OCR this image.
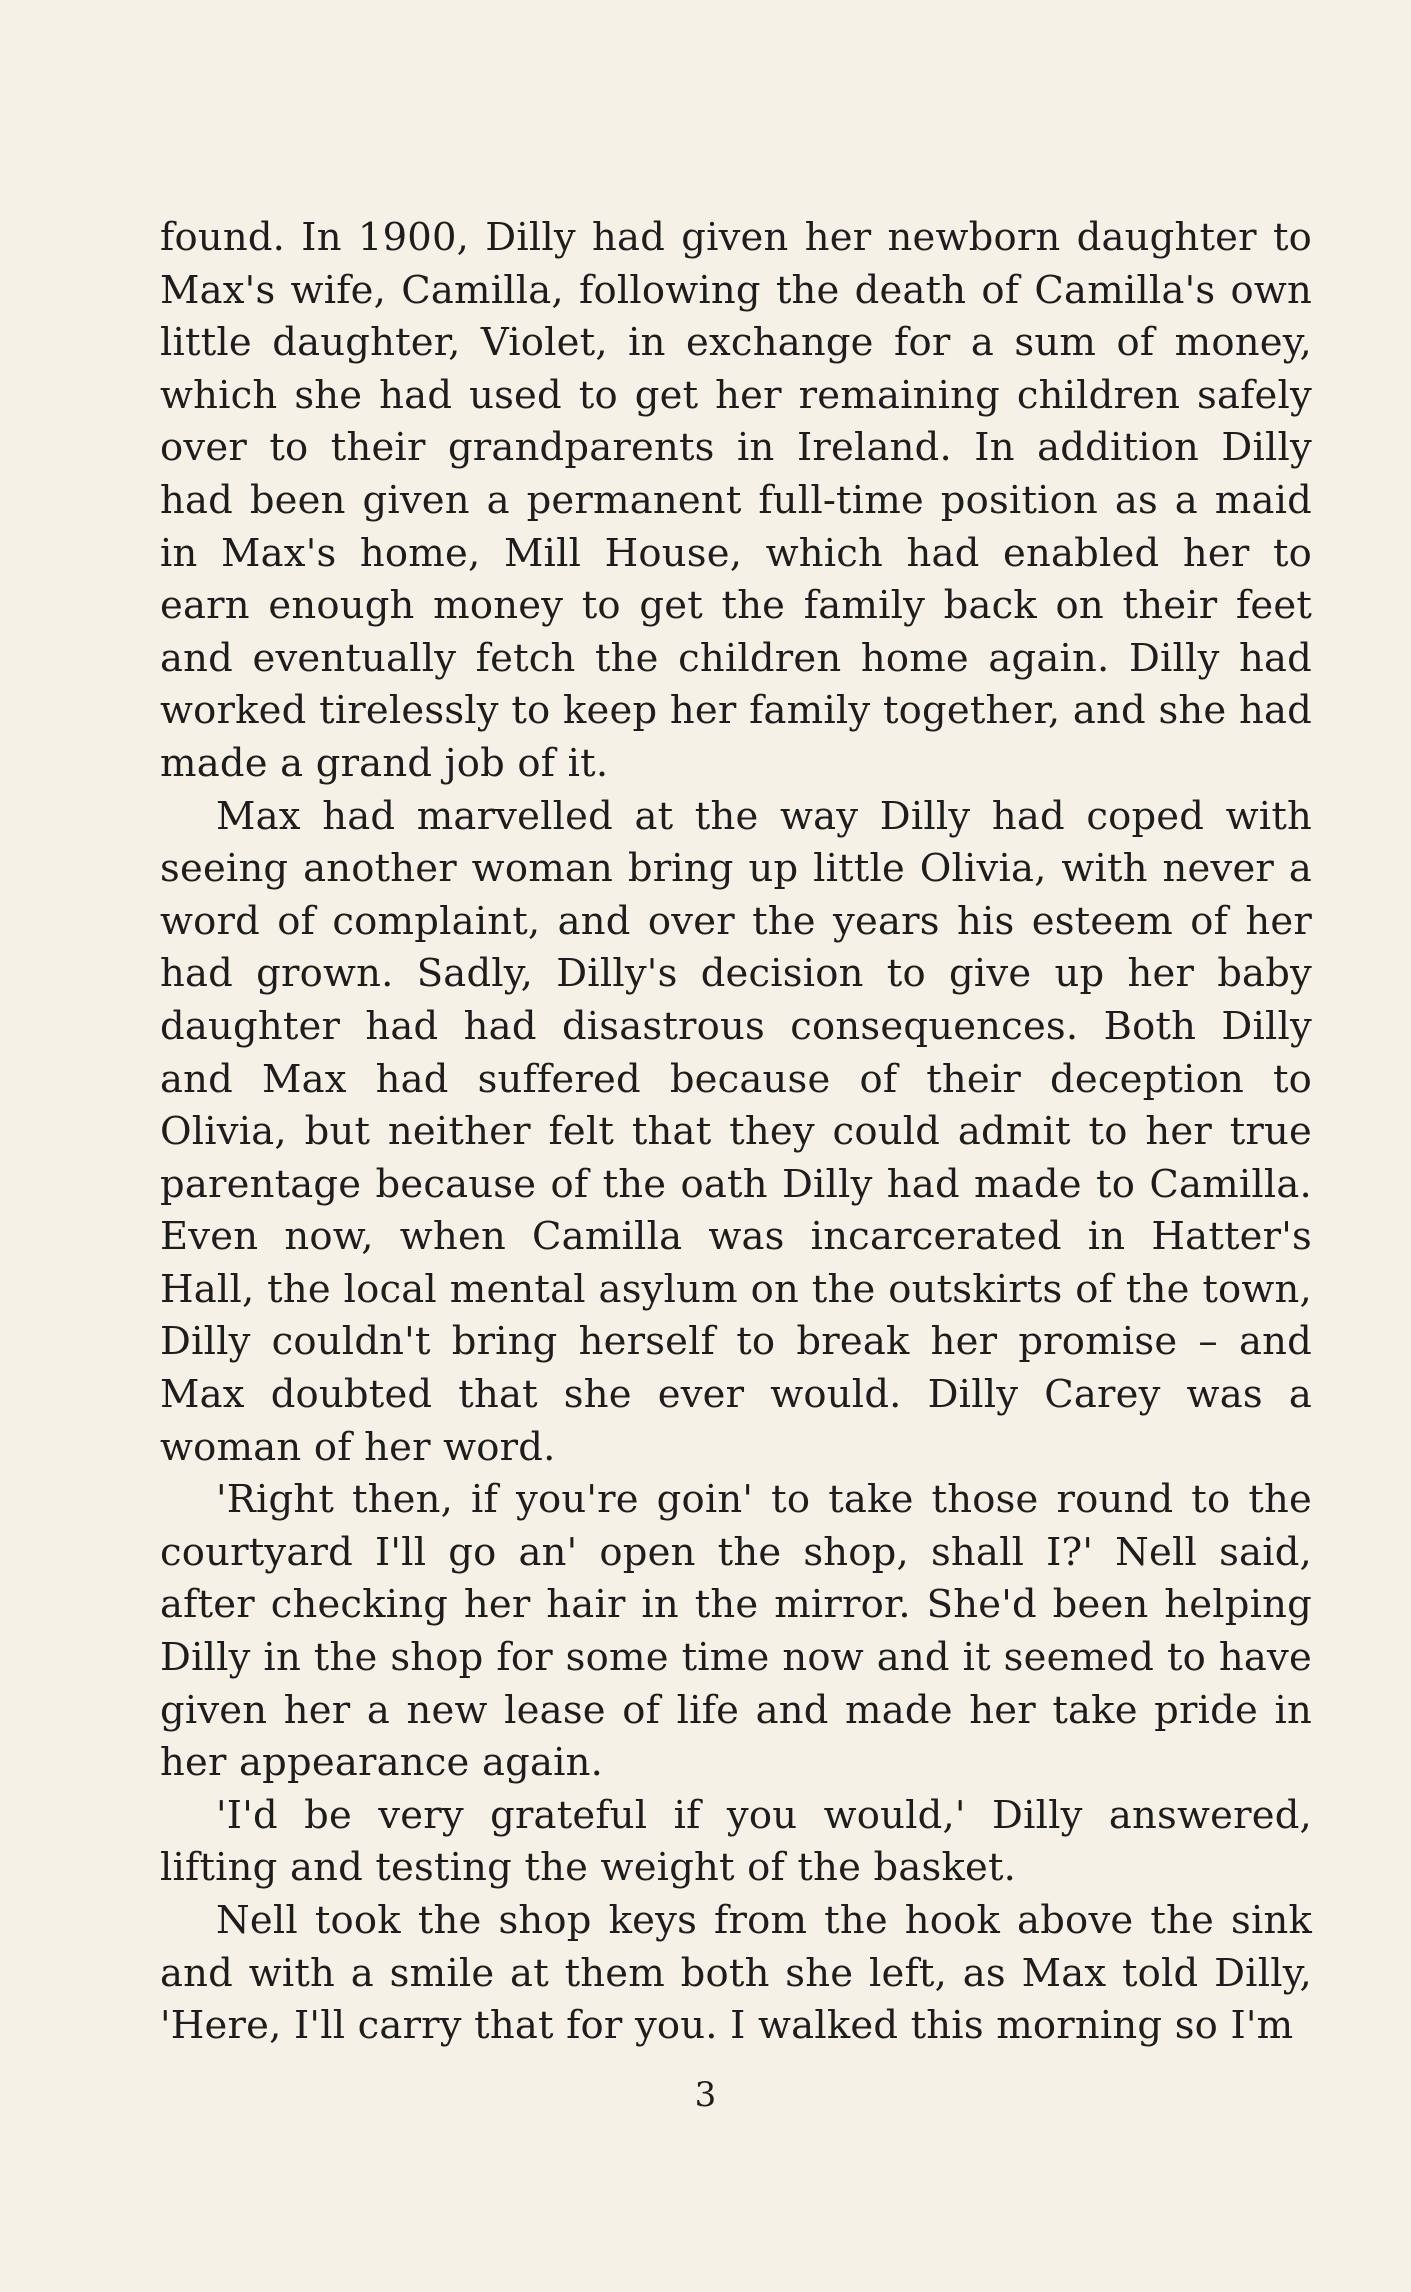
found. In 1900, Dilly had given her newborn daughter to Max's wife, Camilla, following the death of Camilla's own little daughter, Violet, in exchange for a sum of money, which she had used to get her remaining children safely over to their grandparents in Ireland. In addition Dilly had been given a permanent full-time position as a maid in Max's home, Mill House, which had enabled her to earn enough money to get the family back on their feet and eventually fetch the children home again. Dilly had worked tirelessly to keep her family together, and she had made a grand job of it.

Max had marvelled at the way Dilly had coped with seeing another woman bring up little Olivia, with never a word of complaint, and over the years his esteem of her had grown. Sadly, Dilly's decision to give up her baby daughter had had disastrous consequences. Both Dilly and Max had suffered because of their deception to Olivia, but neither felt that they could admit to her true parentage because of the oath Dilly had made to Camilla. Even now, when Camilla was incarcerated in Hatter's Hall, the local mental asylum on the outskirts of the town, Dilly couldn't bring herself to break her promise – and Max doubted that she ever would. Dilly Carey was a woman of her word.

'Right then, if you're goin' to take those round to the courtyard I'll go an' open the shop, shall I?' Nell said, after checking her hair in the mirror. She'd been helping Dilly in the shop for some time now and it seemed to have given her a new lease of life and made her take pride in her appearance again.

'I'd be very grateful if you would,' Dilly answered, lifting and testing the weight of the basket.

Nell took the shop keys from the hook above the sink and with a smile at them both she left, as Max told Dilly, 'Here, I'll carry that for you. I walked this morning so I'm

3
